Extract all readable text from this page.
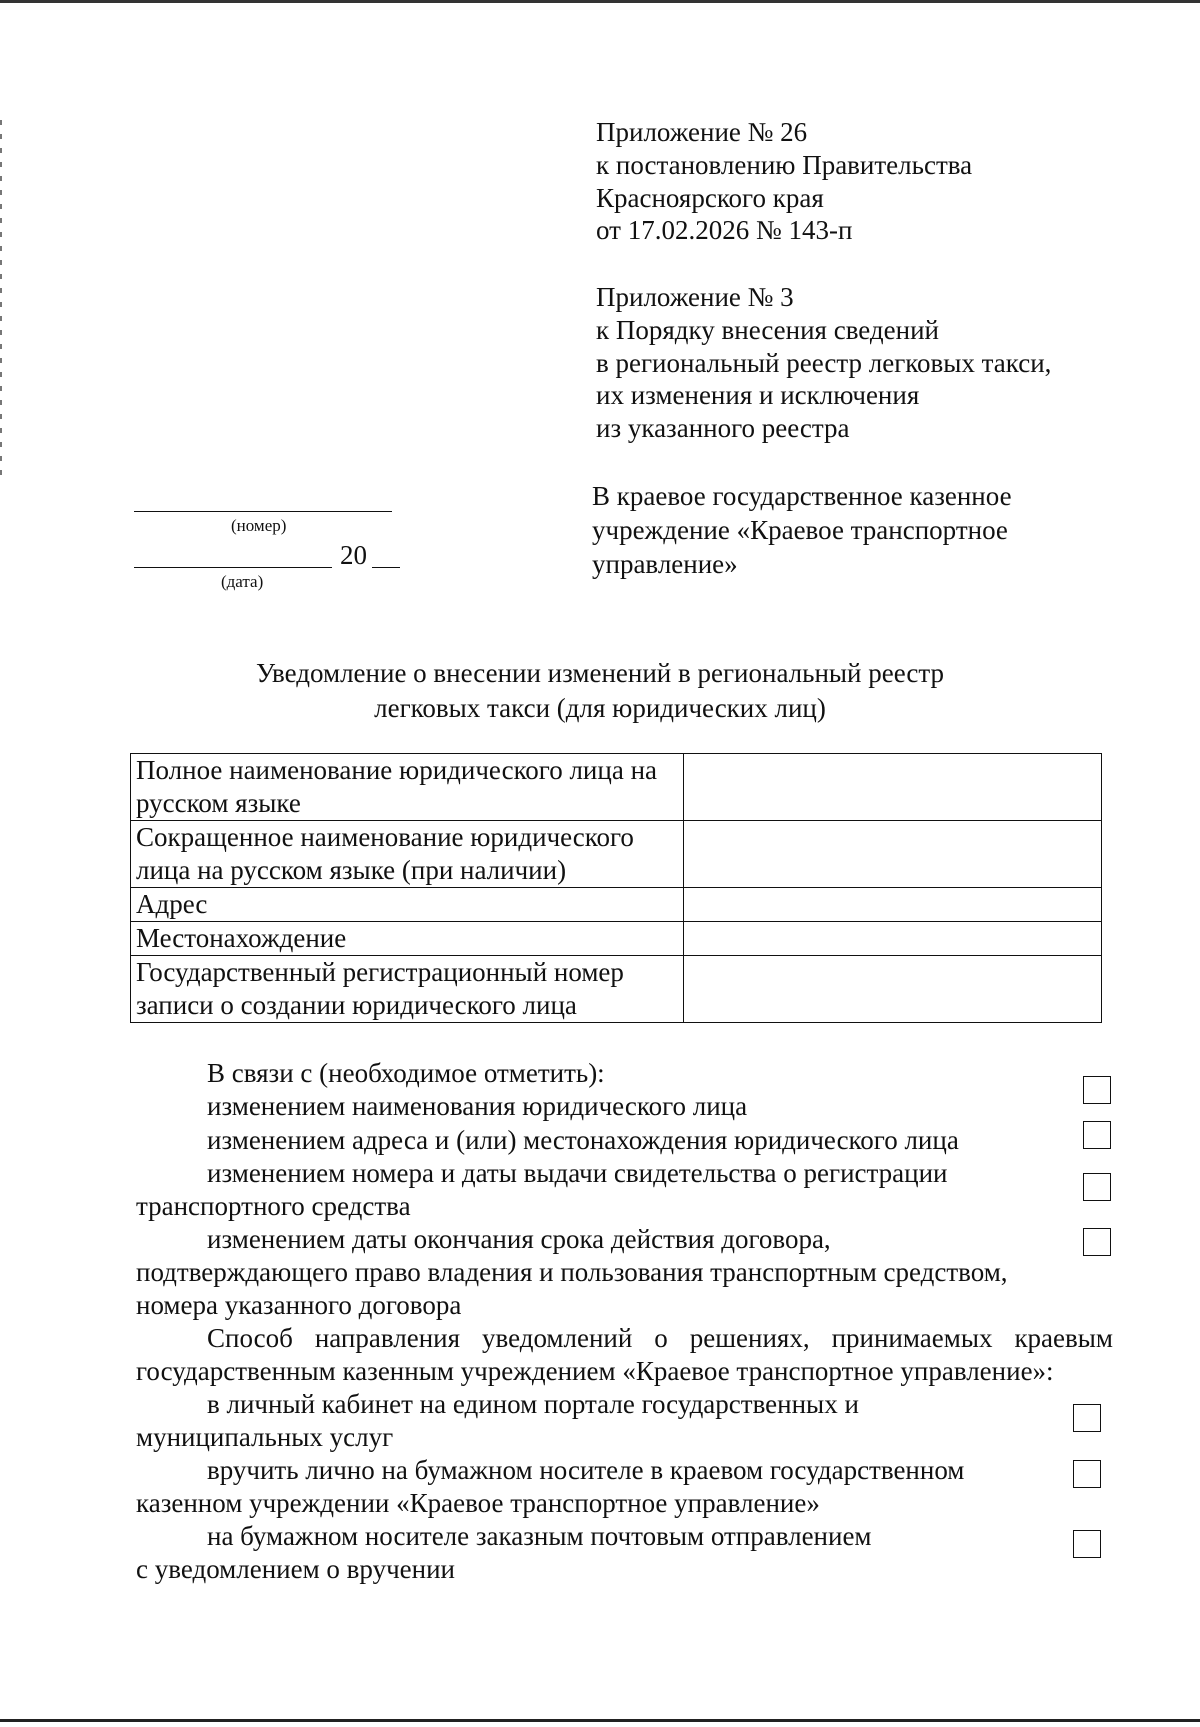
Приложение № 26
к постановлению Правительства
Красноярского края
от 17.02.2026 № 143-п
Приложение № 3
к Порядку внесения сведений
в региональный реестр легковых такси,
их изменения и исключения
из указанного реестра
В краевое государственное казенное
учреждение «Краевое транспортное
управление»
(номер)
20
(дата)
Уведомление о внесении изменений в региональный реестр
легковых такси (для юридических лиц)
Полное наименование юридического лица на русском языке	
Сокращенное наименование юридического лица на русском языке (при наличии)	
Адрес	
Местонахождение	
Государственный регистрационный номер записи о создании юридического лица	
В связи с (необходимое отметить):
изменением наименования юридического лица
изменением адреса и (или) местонахождения юридического лица
изменением номера и даты выдачи свидетельства о регистрации
транспортного средства
изменением даты окончания срока действия договора,
подтверждающего право владения и пользования транспортным средством,
номера указанного договора
Способ направления уведомлений о решениях, принимаемых краевым
государственным казенным учреждением «Краевое транспортное управление»:
в личный кабинет на едином портале государственных и
муниципальных услуг
вручить лично на бумажном носителе в краевом государственном
казенном учреждении «Краевое транспортное управление»
на бумажном носителе заказным почтовым отправлением
с уведомлением о вручении
